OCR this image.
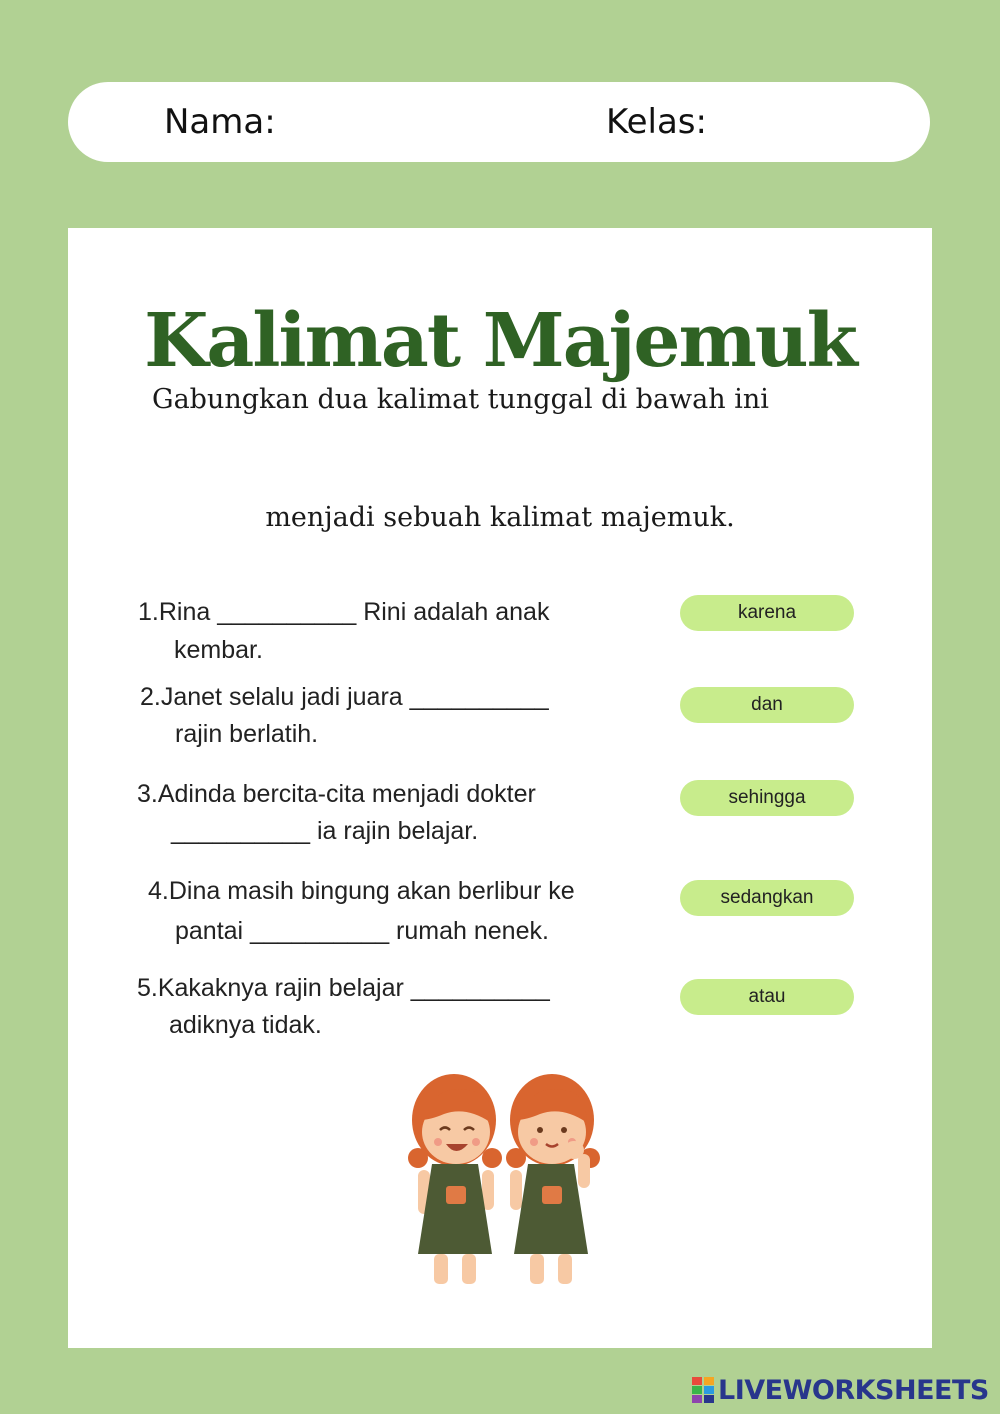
Nama:	Kelas:
Kalimat Majemuk
Gabungkan dua kalimat tunggal di bawah ini
menjadi sebuah kalimat majemuk.
1.Rina __________ Rini adalah anak
kembar.
2.Janet selalu jadi juara __________
rajin berlatih.
3.Adinda bercita-cita menjadi dokter
__________ ia rajin belajar.
4.Dina masih bingung akan berlibur ke
pantai __________ rumah nenek.
5.Kakaknya rajin belajar __________
adiknya tidak.
karena
dan
sehingga
sedangkan
atau
LIVEWORKSHEETS
